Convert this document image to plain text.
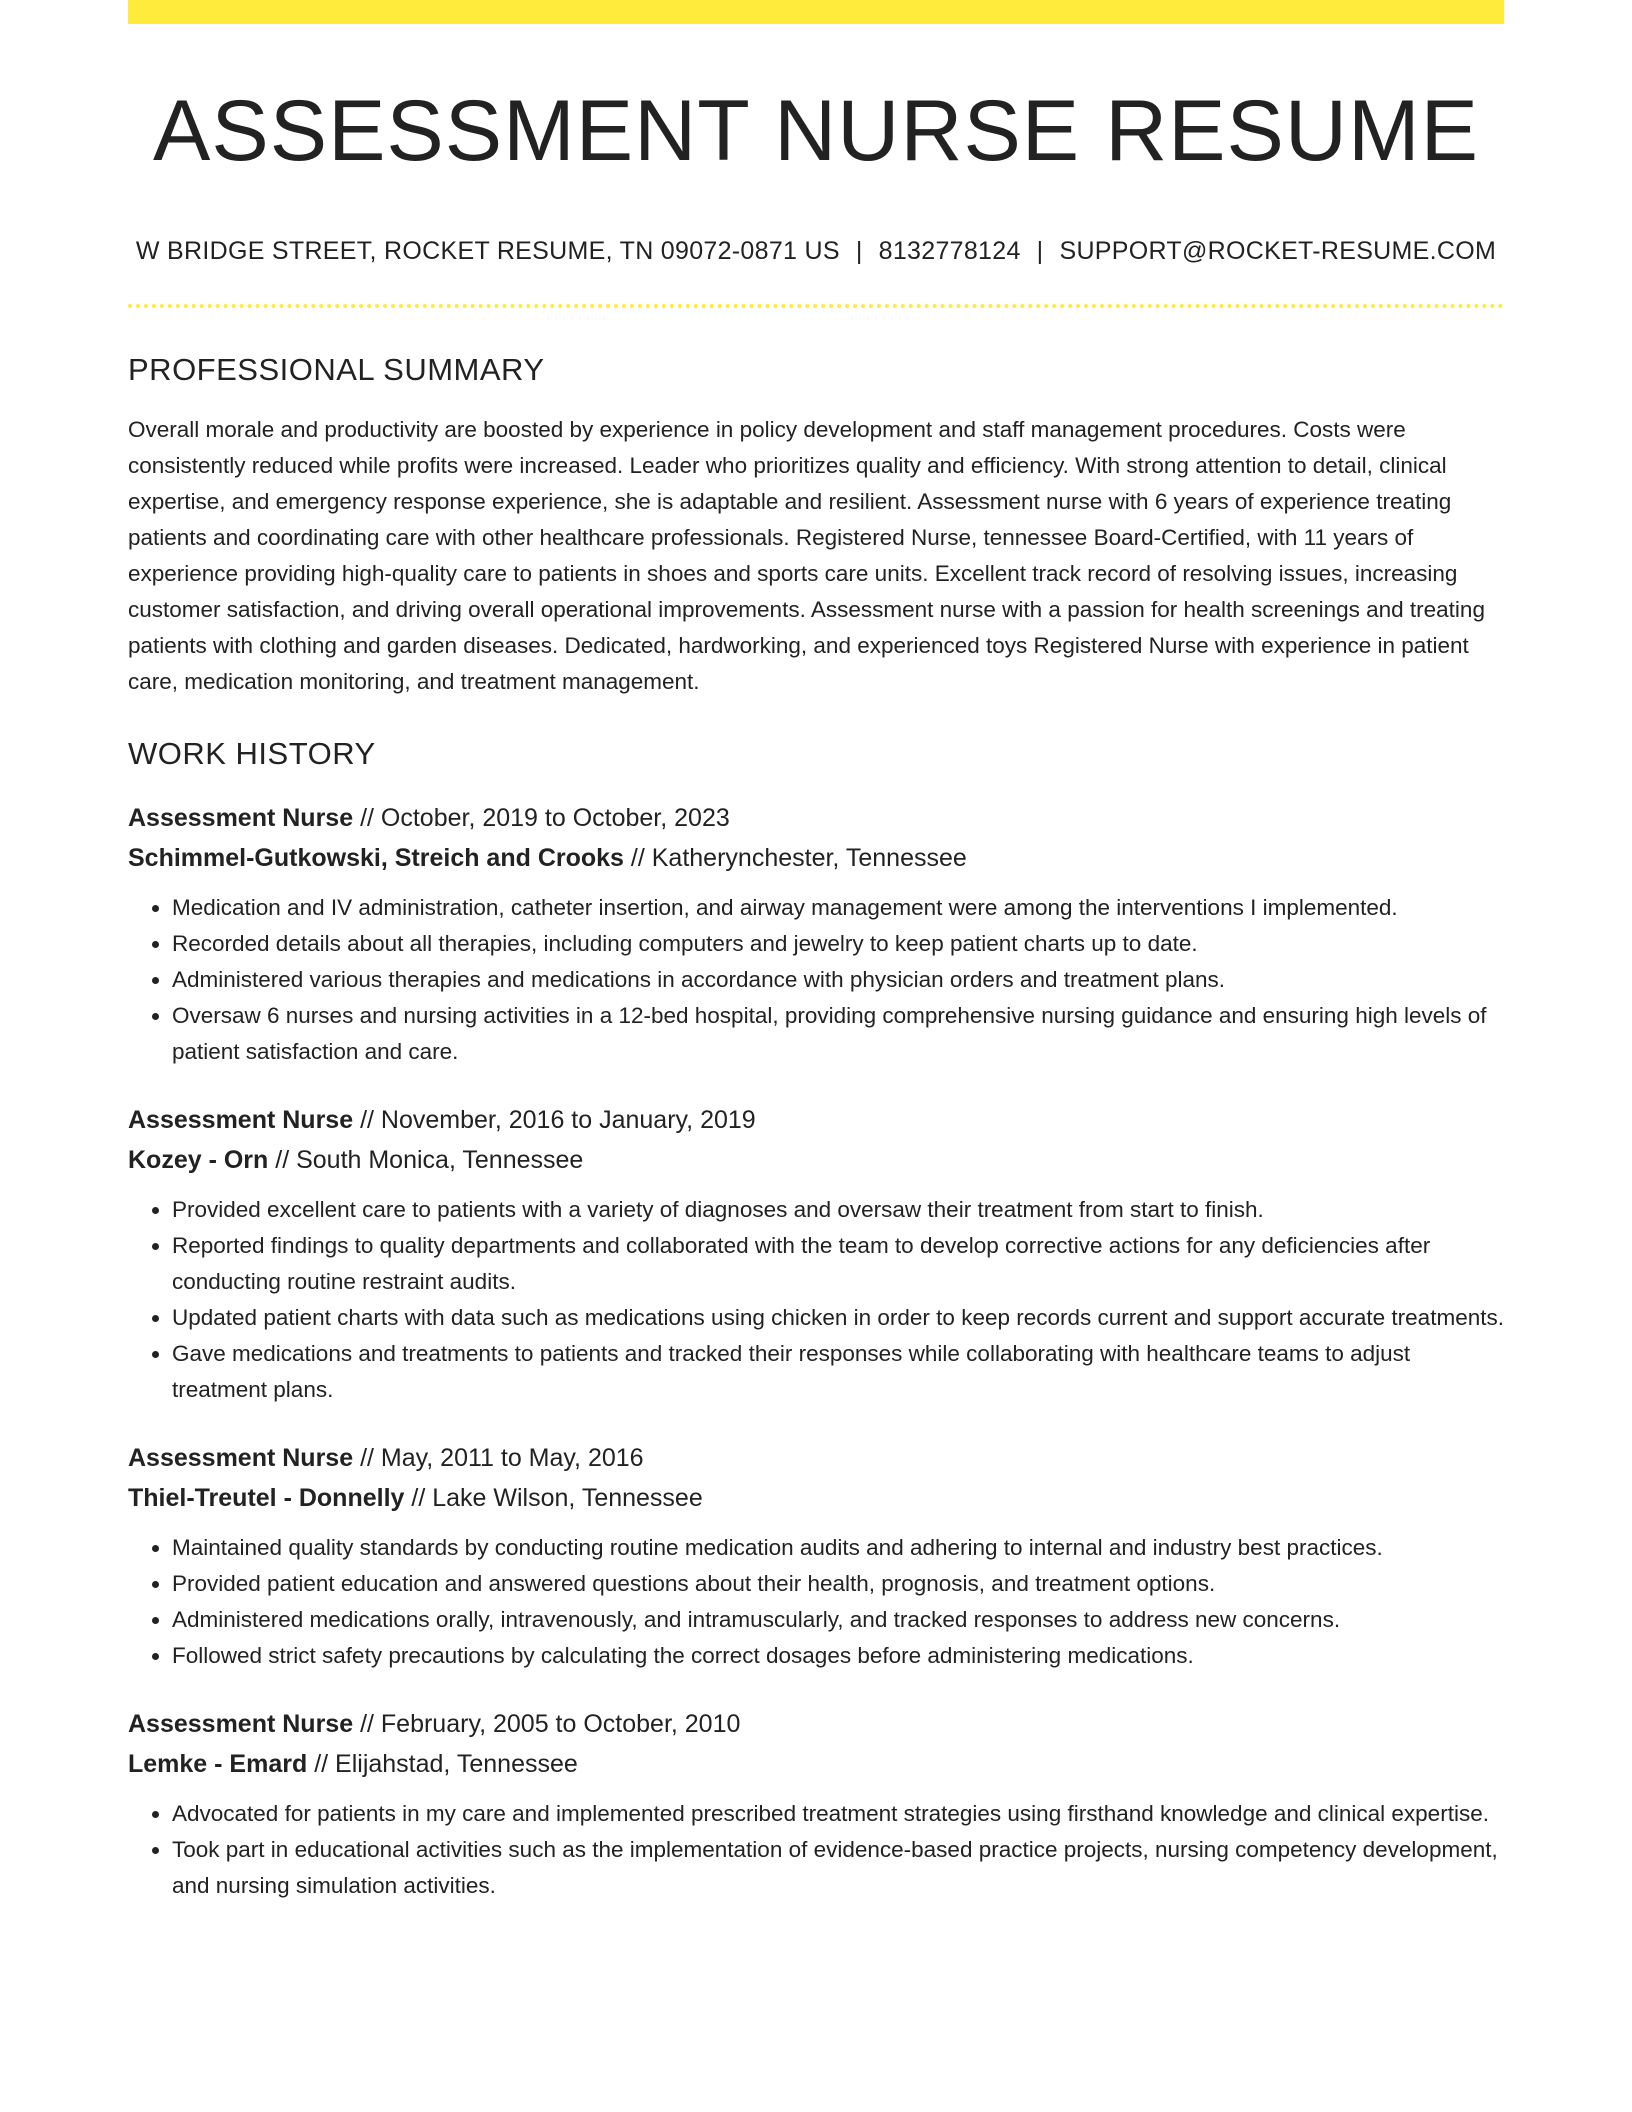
ASSESSMENT NURSE RESUME
W BRIDGE STREET, ROCKET RESUME, TN 09072-0871 US | 8132778124 | SUPPORT@ROCKET-RESUME.COM
PROFESSIONAL SUMMARY

Overall morale and productivity are boosted by experience in policy development and staff management procedures. Costs were consistently reduced while profits were increased. Leader who prioritizes quality and efficiency. With strong attention to detail, clinical expertise, and emergency response experience, she is adaptable and resilient. Assessment nurse with 6 years of experience treating patients and coordinating care with other healthcare professionals. Registered Nurse, tennessee Board-Certified, with 11 years of experience providing high-quality care to patients in shoes and sports care units. Excellent track record of resolving issues, increasing customer satisfaction, and driving overall operational improvements. Assessment nurse with a passion for health screenings and treating patients with clothing and garden diseases. Dedicated, hardworking, and experienced toys Registered Nurse with experience in patient care, medication monitoring, and treatment management.

WORK HISTORY
Assessment Nurse // October, 2019 to October, 2023
Schimmel-Gutkowski, Streich and Crooks // Katherynchester, Tennessee
• Medication and IV administration, catheter insertion, and airway management were among the interventions I implemented.
• Recorded details about all therapies, including computers and jewelry to keep patient charts up to date.
• Administered various therapies and medications in accordance with physician orders and treatment plans.
• Oversaw 6 nurses and nursing activities in a 12-bed hospital, providing comprehensive nursing guidance and ensuring high levels of patient satisfaction and care.
Assessment Nurse // November, 2016 to January, 2019
Kozey - Orn // South Monica, Tennessee
• Provided excellent care to patients with a variety of diagnoses and oversaw their treatment from start to finish.
• Reported findings to quality departments and collaborated with the team to develop corrective actions for any deficiencies after conducting routine restraint audits.
• Updated patient charts with data such as medications using chicken in order to keep records current and support accurate treatments.
• Gave medications and treatments to patients and tracked their responses while collaborating with healthcare teams to adjust treatment plans.
Assessment Nurse // May, 2011 to May, 2016
Thiel-Treutel - Donnelly // Lake Wilson, Tennessee
• Maintained quality standards by conducting routine medication audits and adhering to internal and industry best practices.
• Provided patient education and answered questions about their health, prognosis, and treatment options.
• Administered medications orally, intravenously, and intramuscularly, and tracked responses to address new concerns.
• Followed strict safety precautions by calculating the correct dosages before administering medications.
Assessment Nurse // February, 2005 to October, 2010
Lemke - Emard // Elijahstad, Tennessee
• Advocated for patients in my care and implemented prescribed treatment strategies using firsthand knowledge and clinical expertise.
• Took part in educational activities such as the implementation of evidence-based practice projects, nursing competency development, and nursing simulation activities.
